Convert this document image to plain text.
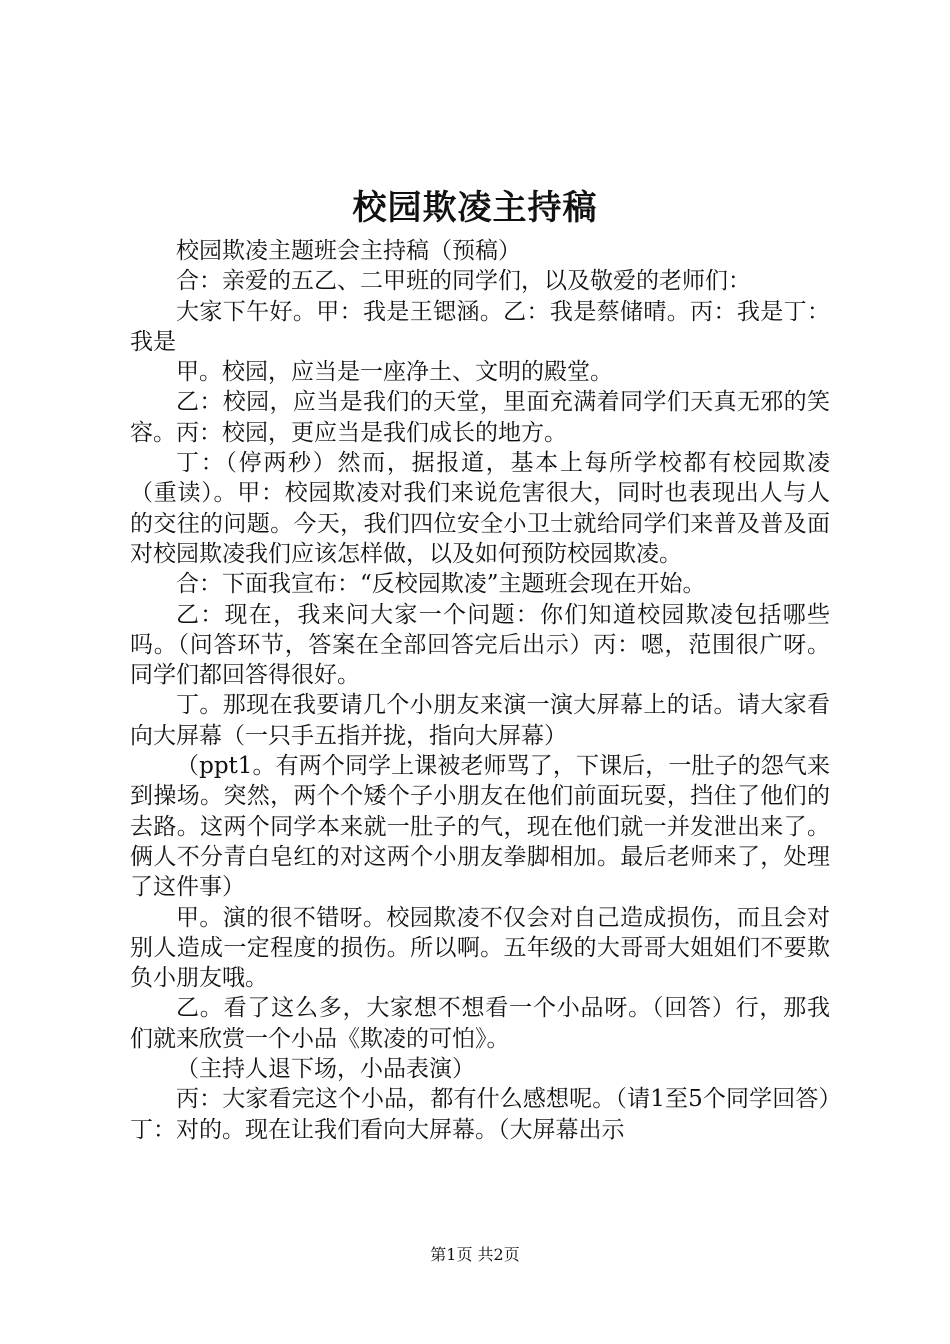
校园欺凌主持稿

校园欺凌主题班会主持稿（预稿）

合：亲爱的五乙、二甲班的同学们，以及敬爱的老师们：

大家下午好。甲：我是王锶涵。乙：我是蔡储晴。丙：我是丁：我是

甲。校园，应当是一座净土、文明的殿堂。

乙：校园，应当是我们的天堂，里面充满着同学们天真无邪的笑容。丙：校园，更应当是我们成长的地方。

丁：（停两秒）然而，据报道，基本上每所学校都有校园欺凌（重读）。甲：校园欺凌对我们来说危害很大，同时也表现出人与人的交往的问题。今天，我们四位安全小卫士就给同学们来普及普及面对校园欺凌我们应该怎样做，以及如何预防校园欺凌。

合：下面我宣布：“反校园欺凌”主题班会现在开始。

乙：现在，我来问大家一个问题：你们知道校园欺凌包括哪些吗。（问答环节，答案在全部回答完后出示）丙：嗯，范围很广呀。同学们都回答得很好。

丁。那现在我要请几个小朋友来演一演大屏幕上的话。请大家看向大屏幕（一只手五指并拢，指向大屏幕）

（ppt1。有两个同学上课被老师骂了，下课后，一肚子的怨气来到操场。突然，两个个矮个子小朋友在他们前面玩耍，挡住了他们的去路。这两个同学本来就一肚子的气，现在他们就一并发泄出来了。俩人不分青白皂红的对这两个小朋友拳脚相加。最后老师来了，处理了这件事）

甲。演的很不错呀。校园欺凌不仅会对自己造成损伤，而且会对别人造成一定程度的损伤。所以啊。五年级的大哥哥大姐姐们不要欺负小朋友哦。

乙。看了这么多，大家想不想看一个小品呀。（回答）行，那我们就来欣赏一个小品《欺凌的可怕》。

（主持人退下场，小品表演）

丙：大家看完这个小品，都有什么感想呢。（请1至5个同学回答）丁：对的。现在让我们看向大屏幕。（大屏幕出示

第1页 共2页
